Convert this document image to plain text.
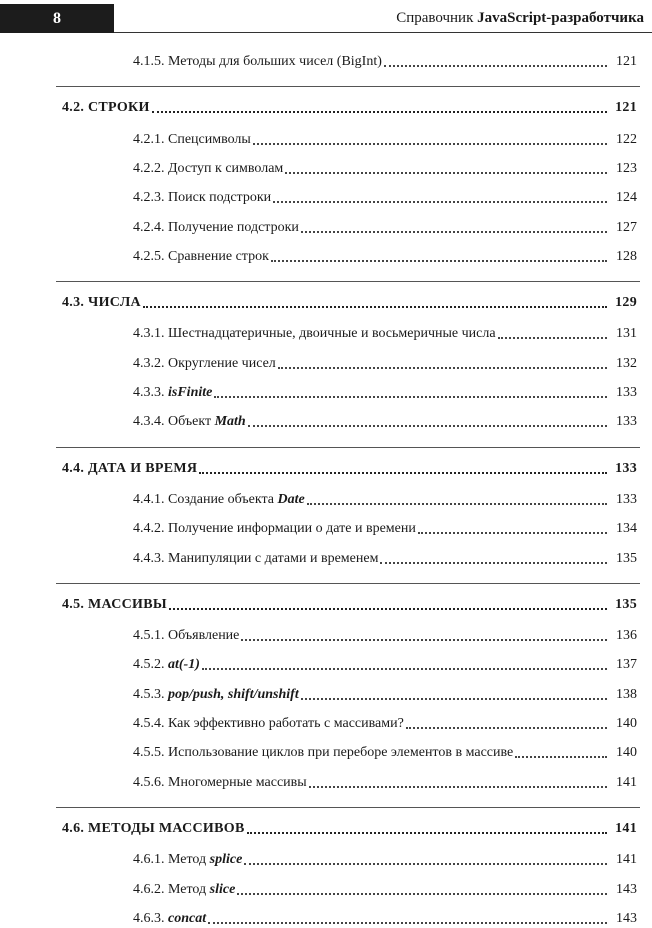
8	Справочник JavaScript-разработчика
4.1.5. Методы для больших чисел (BigInt)	121
4.2. СТРОКИ	121
4.2.1. Спецсимволы	122
4.2.2. Доступ к символам	123
4.2.3. Поиск подстроки	124
4.2.4. Получение подстроки	127
4.2.5. Сравнение строк	128
4.3. ЧИСЛА	129
4.3.1. Шестнадцатеричные, двоичные и восьмеричные числа	131
4.3.2. Округление чисел	132
4.3.3. isFinite	133
4.3.4. Объект Math	133
4.4. ДАТА И ВРЕМЯ	133
4.4.1. Создание объекта Date	133
4.4.2. Получение информации о дате и времени	134
4.4.3. Манипуляции с датами и временем	135
4.5. МАССИВЫ	135
4.5.1. Объявление	136
4.5.2. at(-1)	137
4.5.3. pop/push, shift/unshift	138
4.5.4. Как эффективно работать с массивами?	140
4.5.5. Использование циклов при переборе элементов в массиве	140
4.5.6. Многомерные массивы	141
4.6. МЕТОДЫ МАССИВОВ	141
4.6.1. Метод splice	141
4.6.2. Метод slice	143
4.6.3. concat	143
